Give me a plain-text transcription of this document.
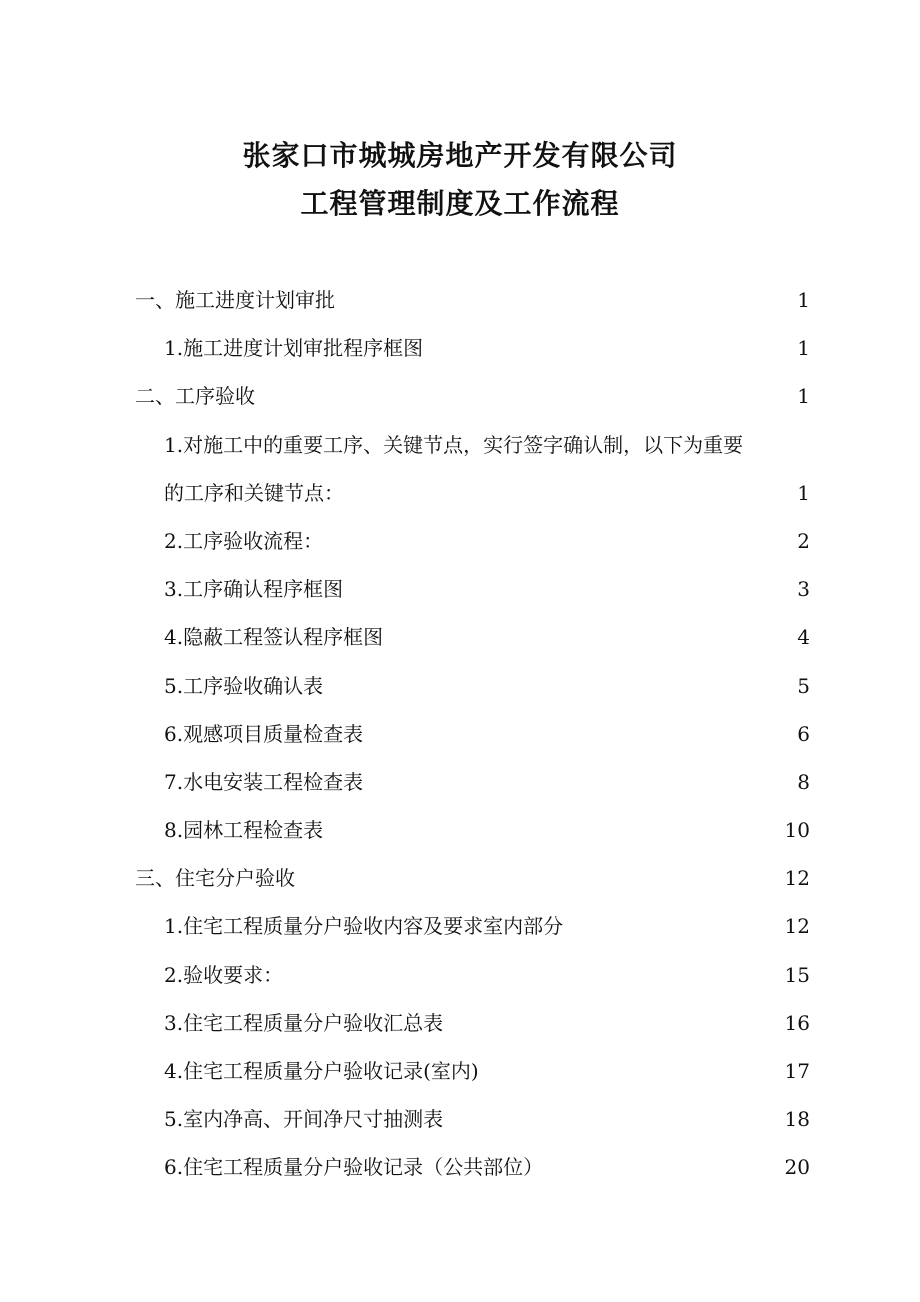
张家口市城城房地产开发有限公司
工程管理制度及工作流程
一、施工进度计划审批	1
1.施工进度计划审批程序框图	1
二、工序验收	1
1.对施工中的重要工序、关键节点，实行签字确认制，以下为重要
的工序和关键节点：	1
2.工序验收流程：	2
3.工序确认程序框图	3
4.隐蔽工程签认程序框图	4
5.工序验收确认表	5
6.观感项目质量检查表	6
7.水电安装工程检查表	8
8.园林工程检查表	10
三、住宅分户验收	12
1.住宅工程质量分户验收内容及要求室内部分	12
2.验收要求：	15
3.住宅工程质量分户验收汇总表	16
4.住宅工程质量分户验收记录(室内)	17
5.室内净高、开间净尺寸抽测表	18
6.住宅工程质量分户验收记录（公共部位）	20
